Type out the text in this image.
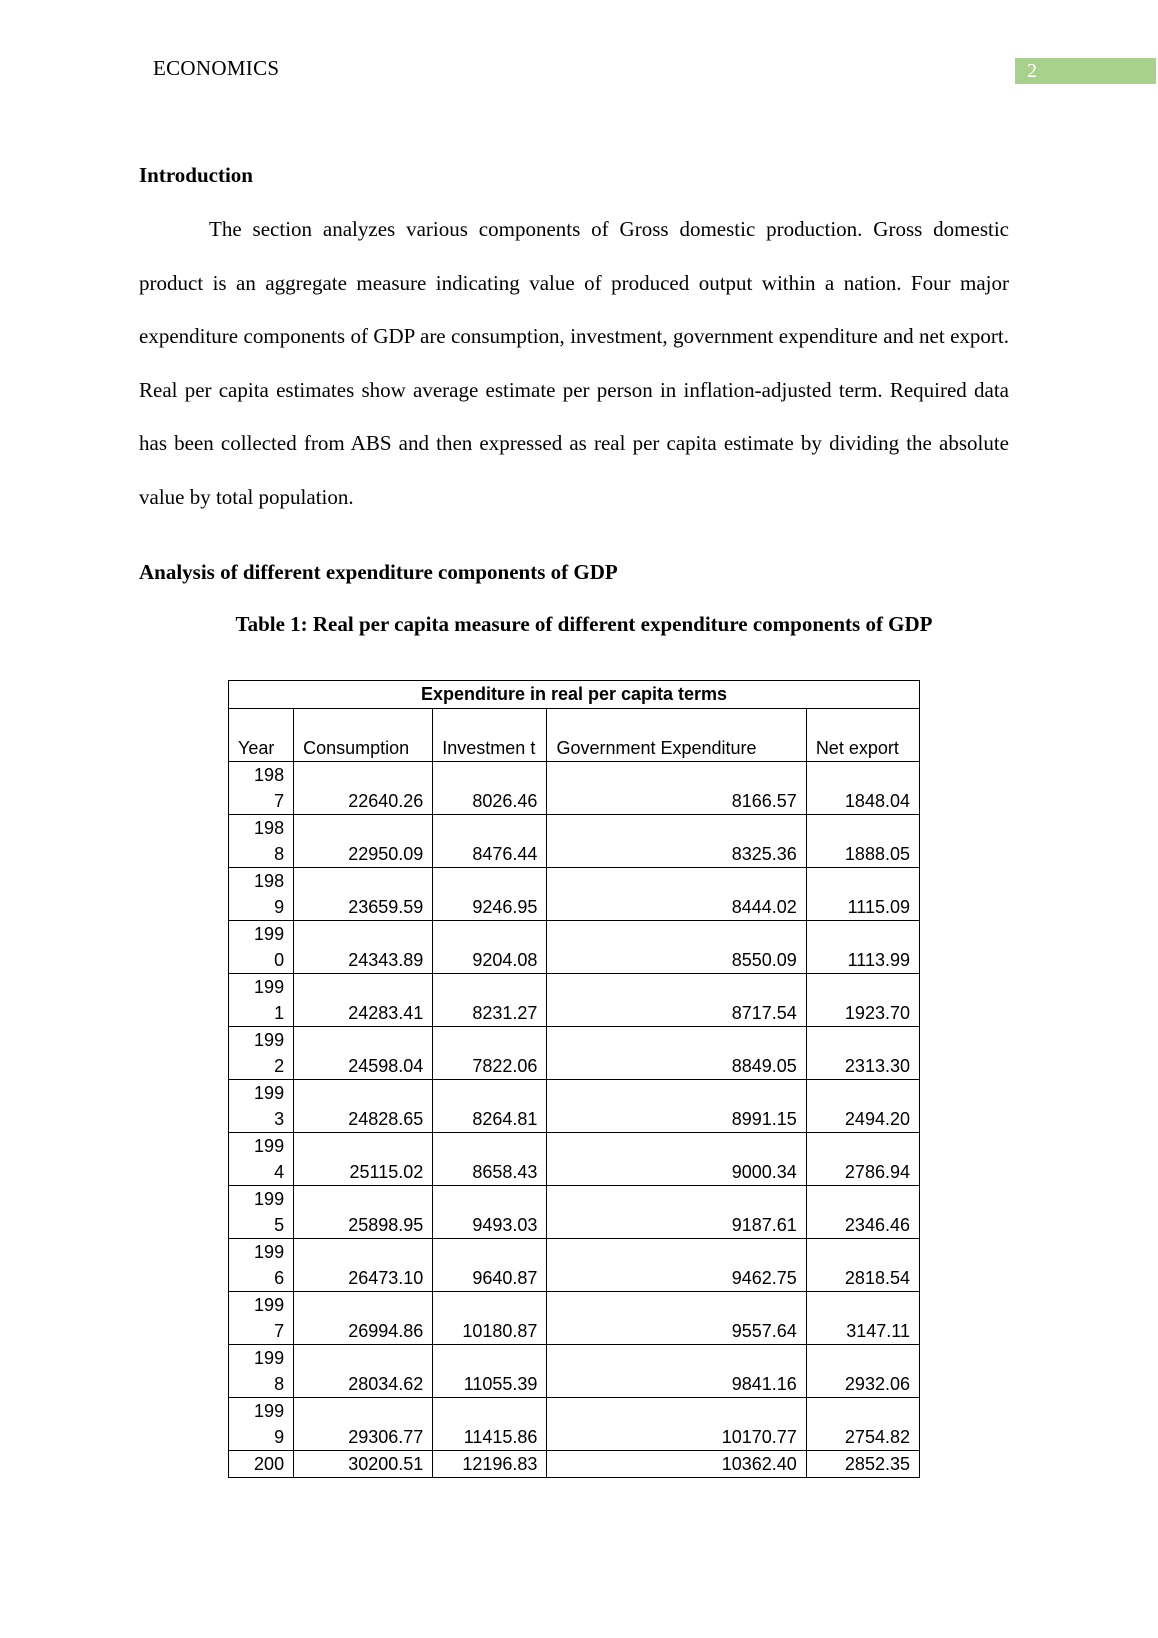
ECONOMICS	2
Introduction

The section analyzes various components of Gross domestic production. Gross domestic product is an aggregate measure indicating value of produced output within a nation. Four major expenditure components of GDP are consumption, investment, government expenditure and net export. Real per capita estimates show average estimate per person in inflation-adjusted term. Required data has been collected from ABS and then expressed as real per capita estimate by dividing the absolute value by total population.

Analysis of different expenditure components of GDP
Table 1: Real per capita measure of different expenditure components of GDP
Expenditure in real per capita terms				
Year	Consumption	Investmen t	Government Expenditure	Net export
1987	22640.26	8026.46	8166.57	1848.04
1988	22950.09	8476.44	8325.36	1888.05
1989	23659.59	9246.95	8444.02	1115.09
1990	24343.89	9204.08	8550.09	1113.99
1991	24283.41	8231.27	8717.54	1923.70
1992	24598.04	7822.06	8849.05	2313.30
1993	24828.65	8264.81	8991.15	2494.20
1994	25115.02	8658.43	9000.34	2786.94
1995	25898.95	9493.03	9187.61	2346.46
1996	26473.10	9640.87	9462.75	2818.54
1997	26994.86	10180.87	9557.64	3147.11
1998	28034.62	11055.39	9841.16	2932.06
1999	29306.77	11415.86	10170.77	2754.82
200	30200.51	12196.83	10362.40	2852.35
